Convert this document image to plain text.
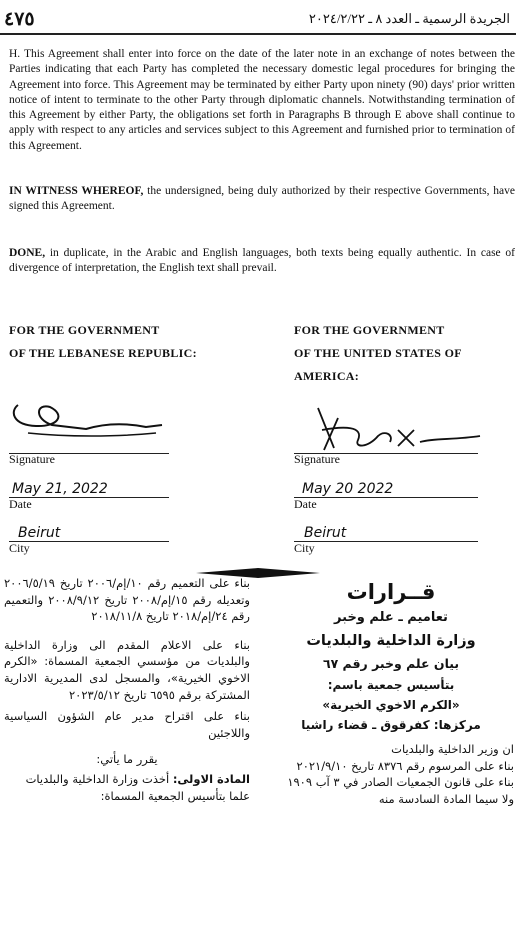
٤٧٥	الجريدة الرسمية ـ العدد ٨ ـ ٢٠٢٤/٢/٢٢
H. This Agreement shall enter into force on the date of the later note in an exchange of notes between the Parties indicating that each Party has completed the necessary domestic legal procedures for bringing the Agreement into force. This Agreement may be terminated by either Party upon ninety (90) days' prior written notice of intent to terminate to the other Party through diplomatic channels. Notwithstanding termination of this Agreement by either Party, the obligations set forth in Paragraphs B through E above shall continue to apply with respect to any articles and services subject to this Agreement and furnished prior to termination of this Agreement.
IN WITNESS WHEREOF, the undersigned, being duly authorized by their respective Governments, have signed this Agreement.
DONE, in duplicate, in the Arabic and English languages, both texts being equally authentic. In case of divergence of interpretation, the English text shall prevail.
FOR THE GOVERNMENT
OF THE LEBANESE REPUBLIC:
Signature
May 21, 2022
Date
Beirut
City
FOR THE GOVERNMENT
OF THE UNITED STATES OF
AMERICA:
Signature
May 20 2022
Date
Beirut
City

بناء على التعميم رقم ١٠/إم/٢٠٠٦ تاريخ ٢٠٠٦/٥/١٩ وتعديله رقم ١٥/إم/٢٠٠٨ تاريخ ٢٠٠٨/٩/١٢ والتعميم رقم ٢٤/إم/٢٠١٨ تاريخ ٢٠١٨/١١/٨

بناء على الاعلام المقدم الى وزارة الداخلية والبلديات من مؤسسي الجمعية المسماة: «الكرم الاخوي الخيرية»، والمسجل لدى المديرية الادارية المشتركة برقم ٦٥٩٥ تاريخ ٢٠٢٣/٥/١٢

بناء على اقتراح مدير عام الشؤون السياسية واللاجئين

يقرر ما يأتي:

المادة الاولى: أخذت وزارة الداخلية والبلديات علما بتأسيس الجمعية المسماة:

قــرارات

تعاميم ـ علم وخبر

وزارة الداخلية والبلديات

بيان علم وخبر رقم ٦٧

بتأسيس جمعية باسم:

«الكرم الاخوي الخيرية»

مركزها: كفرقوق ـ قضاء راشيا

ان وزير الداخلية والبلديات

بناء على المرسوم رقم ٨٣٧٦ تاريخ ٢٠٢١/٩/١٠

بناء على قانون الجمعيات الصادر في ٣ آب ١٩٠٩

ولا سيما المادة السادسة منه
